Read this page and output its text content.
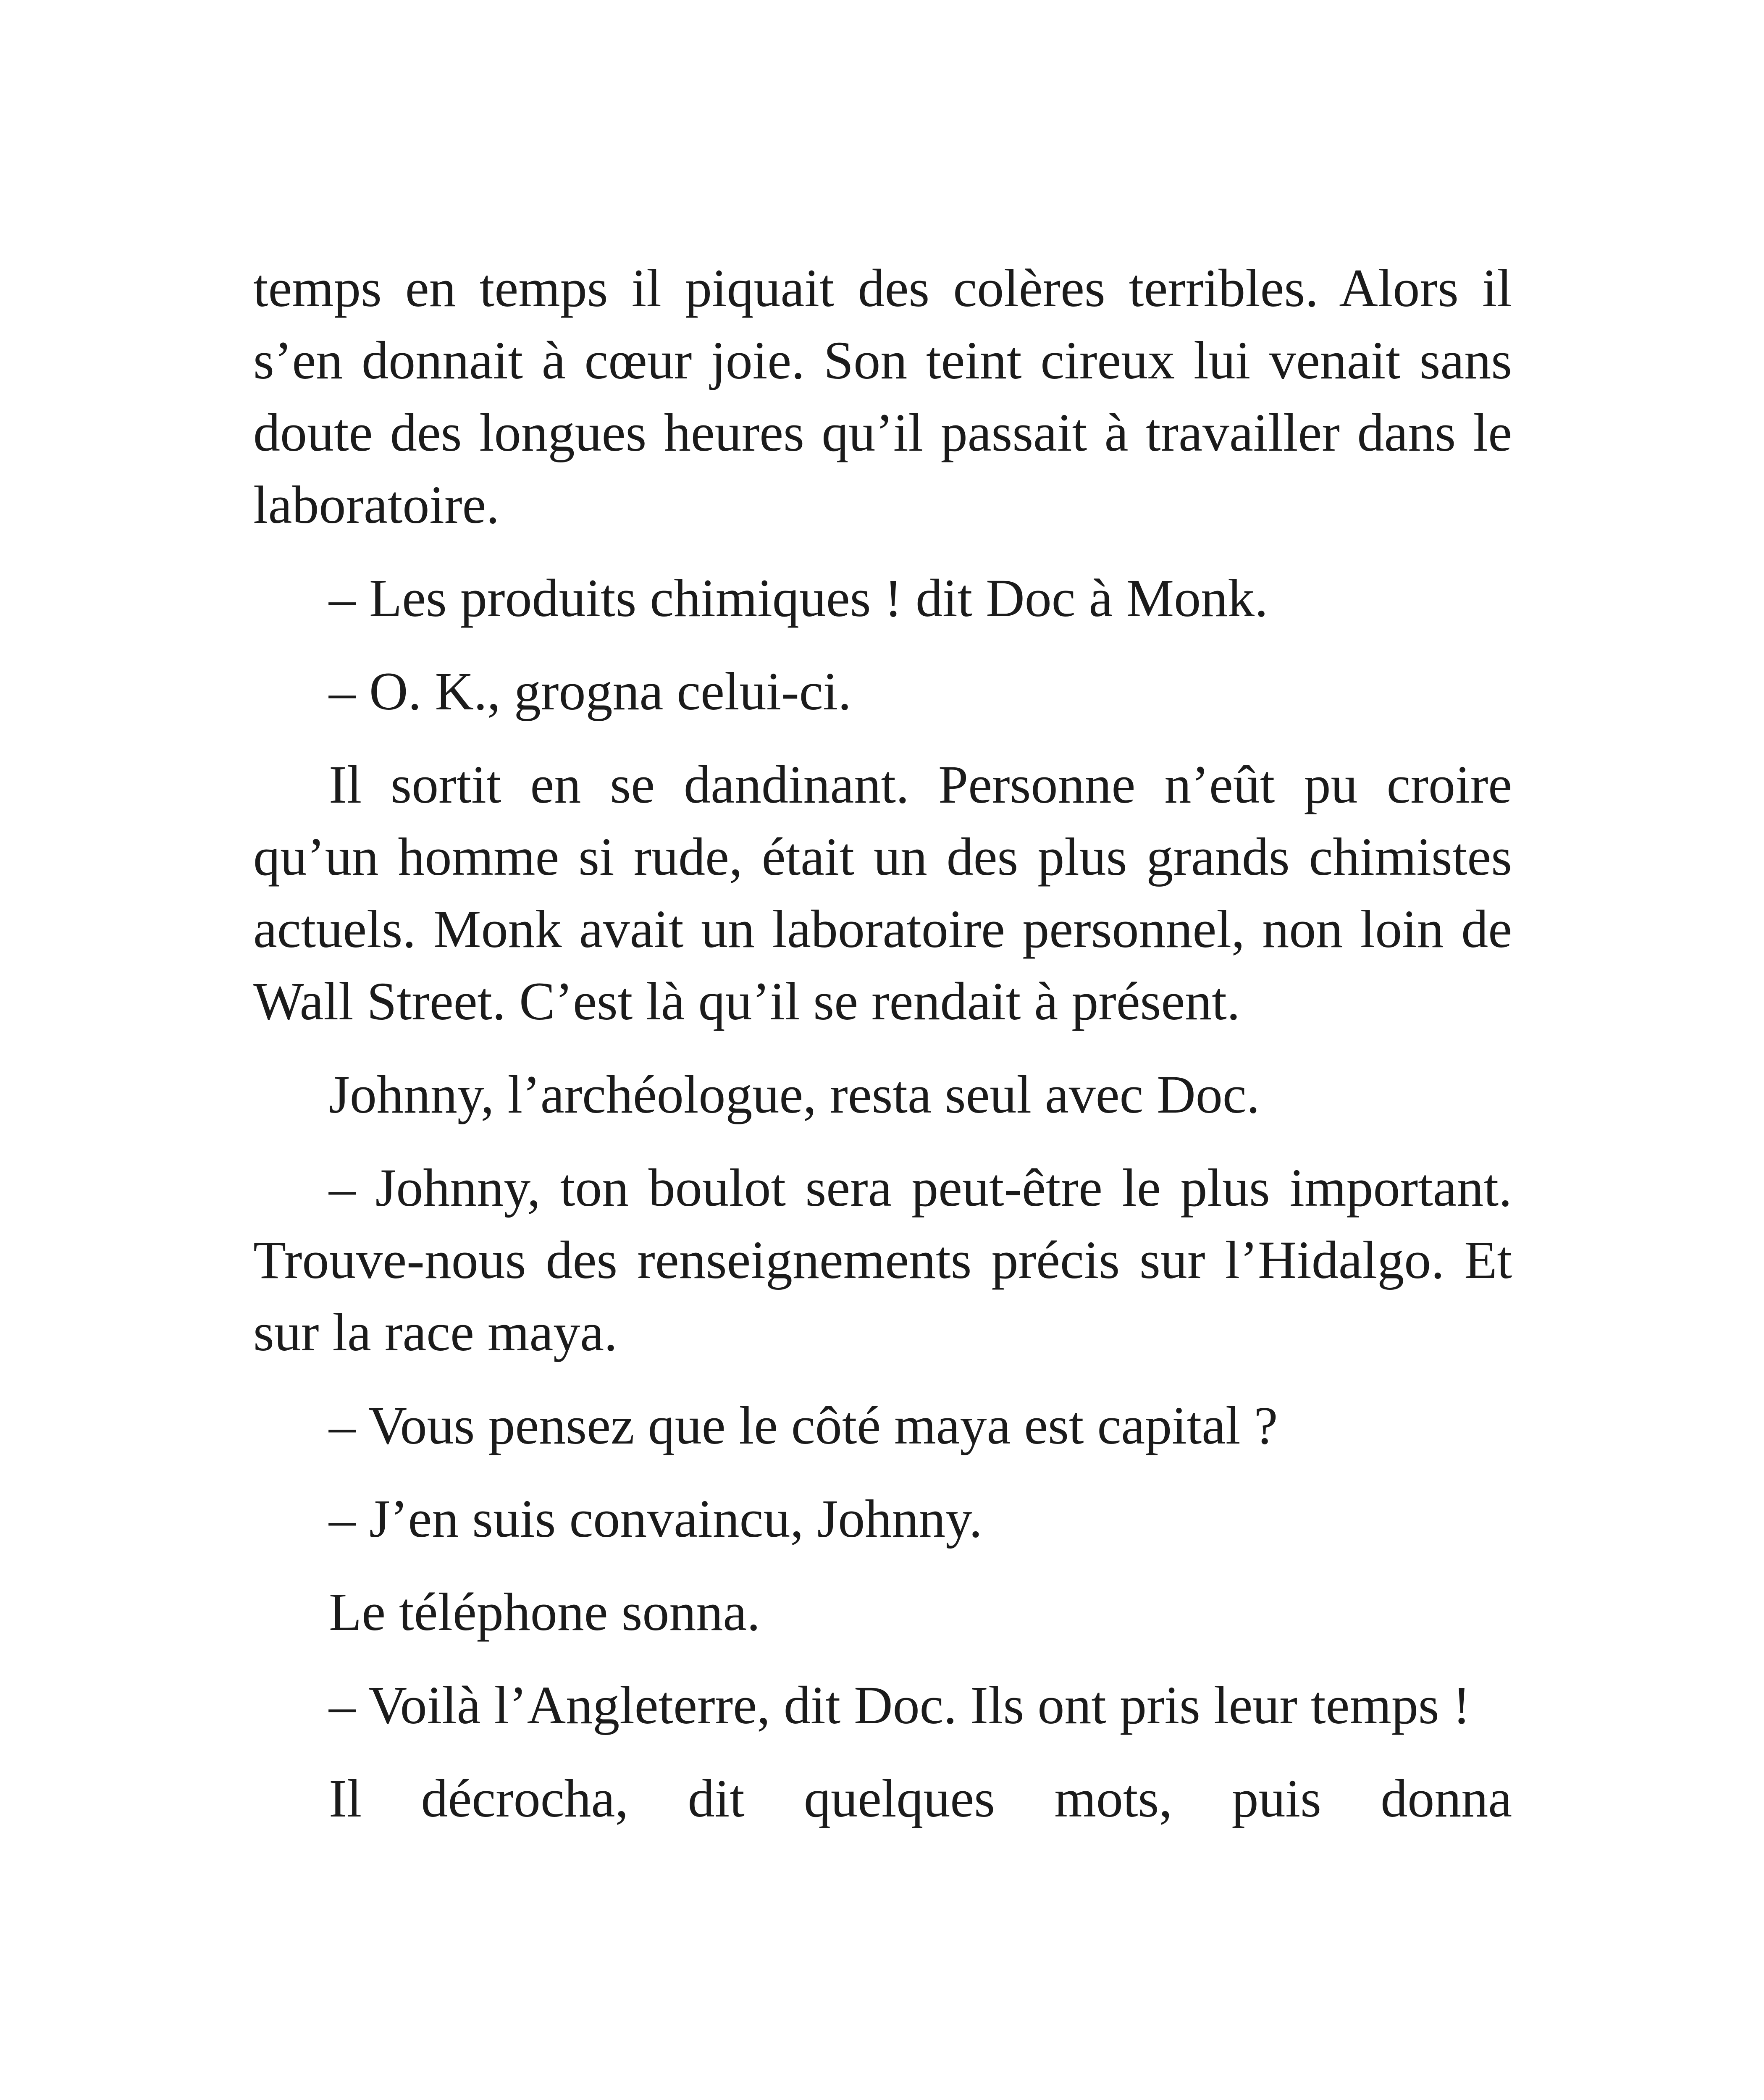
temps en temps il piquait des colères terribles. Alors il s’en donnait à cœur joie. Son teint cireux lui venait sans doute des longues heures qu’il passait à travailler dans le laboratoire.

– Les produits chimiques ! dit Doc à Monk.

– O. K., grogna celui-ci.

Il sortit en se dandinant. Personne n’eût pu croire qu’un homme si rude, était un des plus grands chimistes actuels. Monk avait un laboratoire personnel, non loin de Wall Street. C’est là qu’il se rendait à présent.

Johnny, l’archéologue, resta seul avec Doc.

– Johnny, ton boulot sera peut-être le plus important. Trouve-nous des renseignements précis sur l’Hidalgo. Et sur la race maya.

– Vous pensez que le côté maya est capital ?

– J’en suis convaincu, Johnny.

Le téléphone sonna.

– Voilà l’Angleterre, dit Doc. Ils ont pris leur temps !

Il décrocha, dit quelques mots, puis donna
